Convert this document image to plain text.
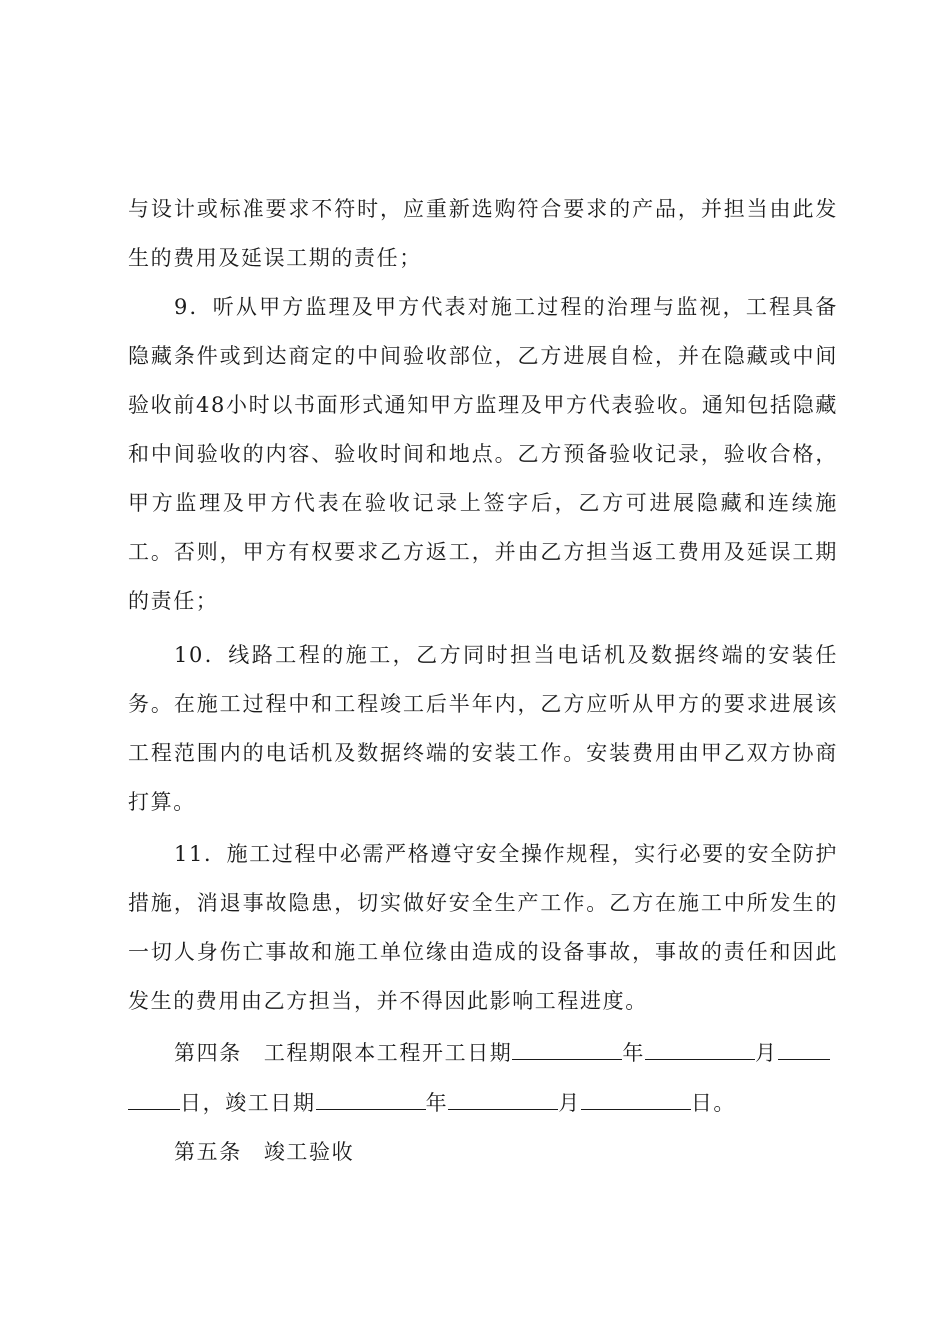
与设计或标准要求不符时，应重新选购符合要求的产品，并担当由此发生的费用及延误工期的责任；

9．听从甲方监理及甲方代表对施工过程的治理与监视，工程具备隐藏条件或到达商定的中间验收部位，乙方进展自检，并在隐藏或中间验收前48小时以书面形式通知甲方监理及甲方代表验收。通知包括隐藏和中间验收的内容、验收时间和地点。乙方预备验收记录，验收合格，甲方监理及甲方代表在验收记录上签字后，乙方可进展隐藏和连续施工。否则，甲方有权要求乙方返工，并由乙方担当返工费用及延误工期的责任；

10．线路工程的施工，乙方同时担当电话机及数据终端的安装任务。在施工过程中和工程竣工后半年内，乙方应听从甲方的要求进展该工程范围内的电话机及数据终端的安装工作。安装费用由甲乙双方协商打算。

11．施工过程中必需严格遵守安全操作规程，实行必要的安全防护措施，消退事故隐患，切实做好安全生产工作。乙方在施工中所发生的一切人身伤亡事故和施工单位缘由造成的设备事故，事故的责任和因此发生的费用由乙方担当，并不得因此影响工程进度。

第四条 工程期限本工程开工日期	年	月

日，竣工日期	年	月	日。

第五条 竣工验收
